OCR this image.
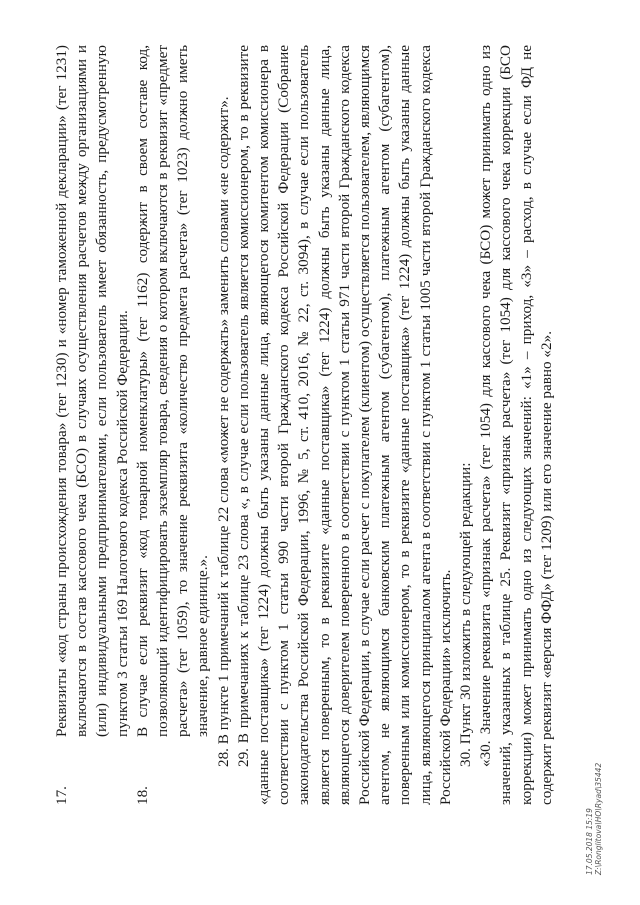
17.
Реквизиты «код страны происхождения товара» (тег 1230) и «номер таможенной декларации» (тег 1231) включаются в состав кассового чека (БСО) в случаях осуществления расчетов между организациями и (или) индивидуальными предпринимателями, если пользователь имеет обязанность, предусмотренную пунктом 3 статьи 169 Налогового кодекса Российской Федерации.
18.
В случае если реквизит «код товарной номенклатуры» (тег 1162) содержит в своем составе код, позволяющий идентифицировать экземпляр товара, сведения о котором включаются в реквизит «предмет расчета» (тег 1059), то значение реквизита «количество предмета расчета» (тег 1023) должно иметь значение, равное единице.». 28. В пункте 1 примечаний к таблице 22 слова «может не содержать» заменить словами «не содержит». 29. В примечаниях к таблице 23 слова «, в случае если пользователь является комиссионером, то в реквизите «данные поставщика» (тег 1224) должны быть указаны данные лица, являющегося комитентом комиссионера в соответствии с пунктом 1 статьи 990 части второй Гражданского кодекса Российской Федерации (Собрание законодательства Российской Федерации, 1996, № 5, ст. 410, 2016, № 22, ст. 3094), в случае если пользователь является поверенным, то в реквизите «данные поставщика» (тег 1224) должны быть указаны данные лица, являющегося доверителем поверенного в соответствии с пунктом 1 статьи 971 части второй Гражданского кодекса Российской Федерации, в случае если расчет с покупателем (клиентом) осуществляется пользователем, являющимся агентом, не являющимся банковским платежным агентом (субагентом), платежным агентом (субагентом), поверенным или комиссионером, то в реквизите «данные поставщика» (тег 1224) должны быть указаны данные лица, являющегося принципалом агента в соответствии с пунктом 1 статьи 1005 части второй Гражданского кодекса Российской Федерации» исключить. 30. Пункт 30 изложить в следующей редакции: «30. Значение реквизита «признак расчета» (тег 1054) для кассового чека (БСО) может принимать одно из значений, указанных в таблице 25. Реквизит «признак расчета» (тег 1054) для кассового чека коррекции (БСО коррекции) может принимать одно из следующих значений: «1» – приход, «3» – расход, в случае если ФД не содержит реквизит «версия ФФД» (тег 1209) или его значение равно «2».

17.05.2018 15:19 Z:\Ronglitova\НО\Ryad\35442
